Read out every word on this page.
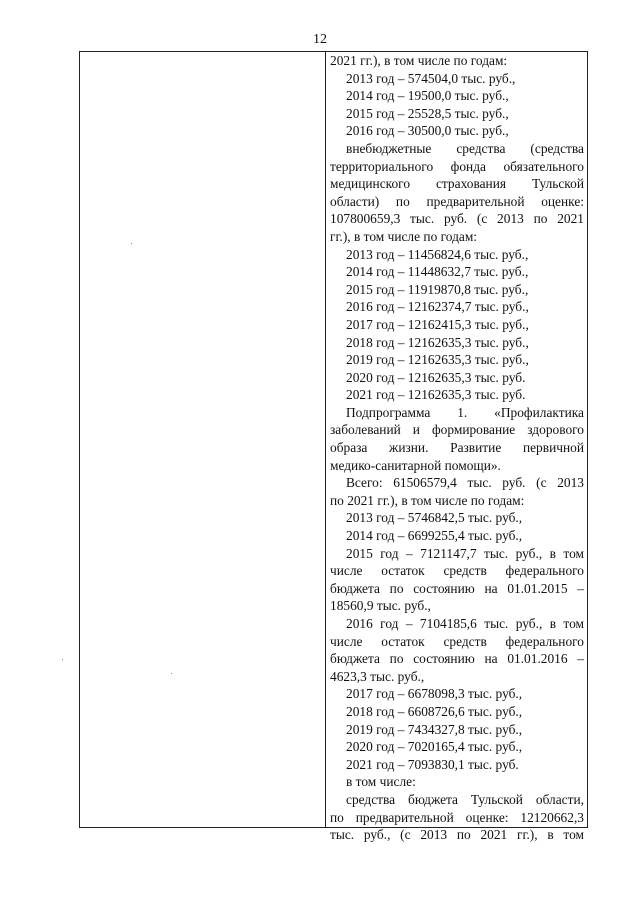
12
2021 гг.), в том числе по годам:
2013 год – 574504,0 тыс. руб.,
2014 год – 19500,0 тыс. руб.,
2015 год – 25528,5 тыс. руб.,
2016 год – 30500,0 тыс. руб.,
внебюджетные средства (средства
территориального фонда обязательного
медицинского страхования Тульской
области) по предварительной оценке:
107800659,3 тыс. руб. (с 2013 по 2021
гг.), в том числе по годам:
2013 год – 11456824,6 тыс. руб.,
2014 год – 11448632,7 тыс. руб.,
2015 год – 11919870,8 тыс. руб.,
2016 год – 12162374,7 тыс. руб.,
2017 год – 12162415,3 тыс. руб.,
2018 год – 12162635,3 тыс. руб.,
2019 год – 12162635,3 тыс. руб.,
2020 год – 12162635,3 тыс. руб.
2021 год – 12162635,3 тыс. руб.
Подпрограмма 1. «Профилактика
заболеваний и формирование здорового
образа жизни. Развитие первичной
медико-санитарной помощи».
Всего: 61506579,4 тыс. руб. (с 2013
по 2021 гг.), в том числе по годам:
2013 год – 5746842,5 тыс. руб.,
2014 год – 6699255,4 тыс. руб.,
2015 год – 7121147,7 тыс. руб., в том
числе остаток средств федерального
бюджета по состоянию на 01.01.2015 –
18560,9 тыс. руб.,
2016 год – 7104185,6 тыс. руб., в том
числе остаток средств федерального
бюджета по состоянию на 01.01.2016 –
4623,3 тыс. руб.,
2017 год – 6678098,3 тыс. руб.,
2018 год – 6608726,6 тыс. руб.,
2019 год – 7434327,8 тыс. руб.,
2020 год – 7020165,4 тыс. руб.,
2021 год – 7093830,1 тыс. руб.
в том числе:
средства бюджета Тульской области,
по предварительной оценке: 12120662,3
тыс. руб., (с 2013 по 2021 гг.), в том
